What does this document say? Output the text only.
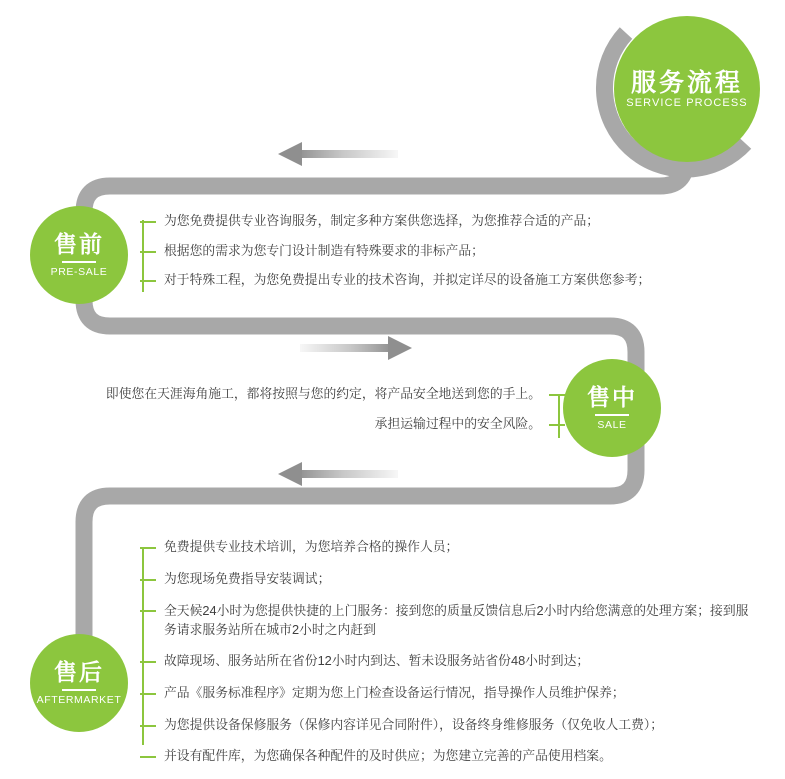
服务流程
SERVICE PROCESS
售前
PRE-SALE
售中
SALE
售后
AFTERMARKET
为您免费提供专业咨询服务，制定多种方案供您选择，为您推荐合适的产品；
根据您的需求为您专门设计制造有特殊要求的非标产品；
对于特殊工程，为您免费提出专业的技术咨询，并拟定详尽的设备施工方案供您参考；
即使您在天涯海角施工，都将按照与您的约定，将产品安全地送到您的手上。
承担运输过程中的安全风险。
免费提供专业技术培训，为您培养合格的操作人员；
为您现场免费指导安装调试；
全天候24小时为您提供快捷的上门服务：接到您的质量反馈信息后2小时内给您满意的处理方案；接到服务请求服务站所在城市2小时之内赶到
故障现场、服务站所在省份12小时内到达、暂未设服务站省份48小时到达；
产品《服务标准程序》定期为您上门检查设备运行情况，指导操作人员维护保养；
为您提供设备保修服务（保修内容详见合同附件），设备终身维修服务（仅免收人工费）；
并设有配件库，为您确保各种配件的及时供应；为您建立完善的产品使用档案。
